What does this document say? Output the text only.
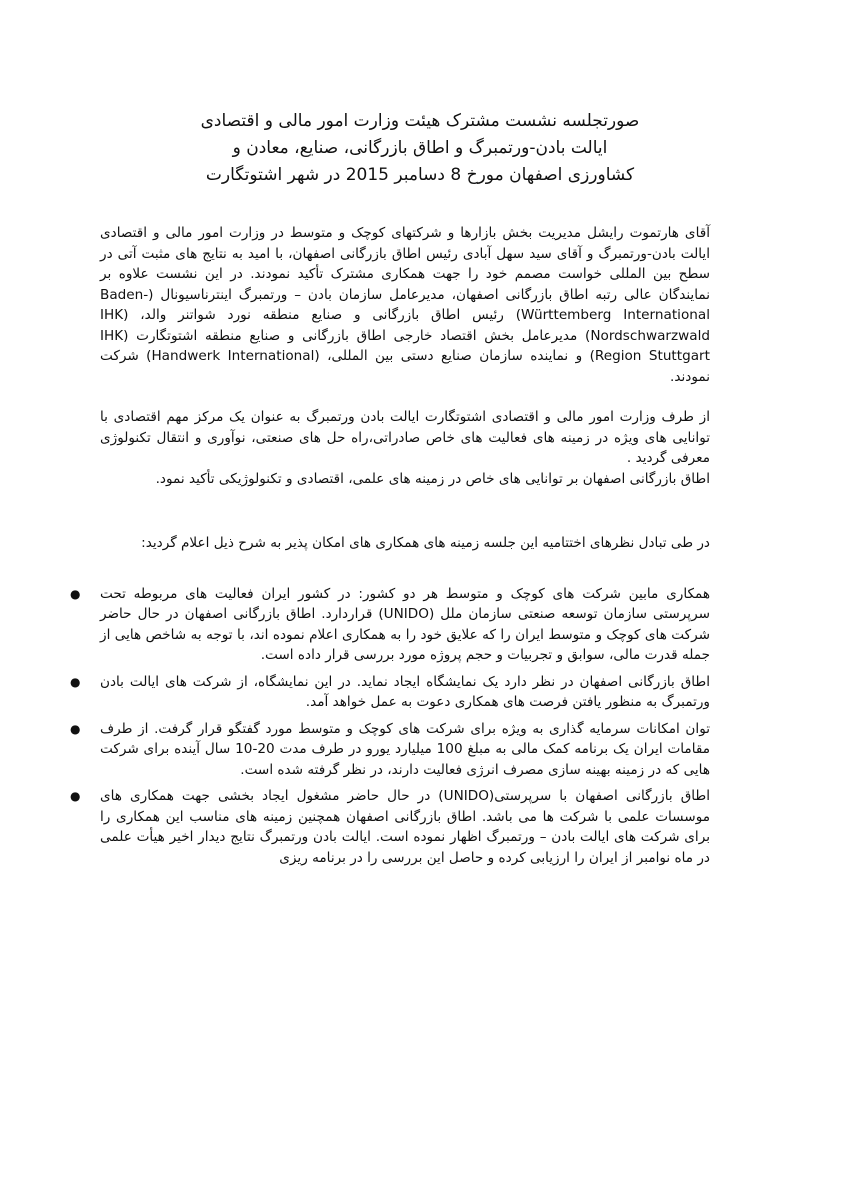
صورتجلسه نشست مشترک هیئت وزارت امور مالی و اقتصادی
ایالت بادن-ورتمبرگ و اطاق بازرگانی، صنایع، معادن و
کشاورزی اصفهان مورخ 8 دسامبر 2015 در شهر اشتوتگارت

آقای هارتموت رایشل مدیریت بخش بازارها و شرکتهای کوچک و متوسط در وزارت امور مالی و اقتصادی ایالت بادن-ورتمبرگ و آقای سید سهل آبادی رئیس اطاق بازرگانی اصفهان، با امید به نتایج های مثبت آتی در سطح بین المللی خواست مصمم خود را جهت همکاری مشترک تأکید نمودند. در این نشست علاوه بر نمایندگان عالی رتبه اطاق بازرگانی اصفهان، مدیرعامل سازمان بادن – ورتمبرگ اینترناسیونال (Baden-Württemberg International) رئیس اطاق بازرگانی و صنایع منطقه نورد شواتنر والد، (IHK Nordschwarzwald) مدیرعامل بخش اقتصاد خارجی اطاق بازرگانی و صنایع منطقه اشتوتگارت (IHK Region Stuttgart) و نماینده سازمان صنایع دستی بین المللی، (Handwerk International) شرکت نمودند.

از طرف وزارت امور مالی و اقتصادی اشتوتگارت ایالت بادن ورتمبرگ به عنوان یک مرکز مهم اقتصادی با توانایی های ویژه در زمینه های فعالیت های خاص صادراتی،راه حل های صنعتی، نوآوری و انتقال تکنولوژی معرفی گردید .

اطاق بازرگانی اصفهان بر توانایی های خاص در زمینه های علمی، اقتصادی و تکنولوژیکی تأکید نمود.

در طی تبادل نظرهای اختتامیه این جلسه زمینه های همکاری های امکان پذیر به شرح ذیل اعلام گردید:

● همکاری مابین شرکت های کوچک و متوسط هر دو کشور: در کشور ایران فعالیت های مربوطه تحت سرپرستی سازمان توسعه صنعتی سازمان ملل (UNIDO) قراردارد. اطاق بازرگانی اصفهان در حال حاضر شرکت های کوچک و متوسط ایران را که علایق خود را به همکاری اعلام نموده اند، با توجه به شاخص هایی از جمله قدرت مالی، سوابق و تجربیات و حجم پروژه مورد بررسی قرار داده است.
● اطاق بازرگانی اصفهان در نظر دارد یک نمایشگاه ایجاد نماید. در این نمایشگاه، از شرکت های ایالت بادن ورتمبرگ به منظور یافتن فرصت های همکاری دعوت به عمل خواهد آمد.
● توان امکانات سرمایه گذاری به ویژه برای شرکت های کوچک و متوسط مورد گفتگو قرار گرفت. از طرف مقامات ایران یک برنامه کمک مالی به مبلغ 100 میلیارد یورو در طرف مدت 20-10 سال آینده برای شرکت هایی که در زمینه بهینه سازی مصرف انرژی فعالیت دارند، در نظر گرفته شده است.
● اطاق بازرگانی اصفهان با سرپرستی(UNIDO) در حال حاضر مشغول ایجاد بخشی جهت همکاری های موسسات علمی با شرکت ها می باشد. اطاق بازرگانی اصفهان همچنین زمینه های مناسب این همکاری را برای شرکت های ایالت بادن – ورتمبرگ اظهار نموده است. ایالت بادن ورتمبرگ نتایج دیدار اخیر هیأت علمی در ماه نوامبر از ایران را ارزیابی کرده و حاصل این بررسی را در برنامه ریزی
